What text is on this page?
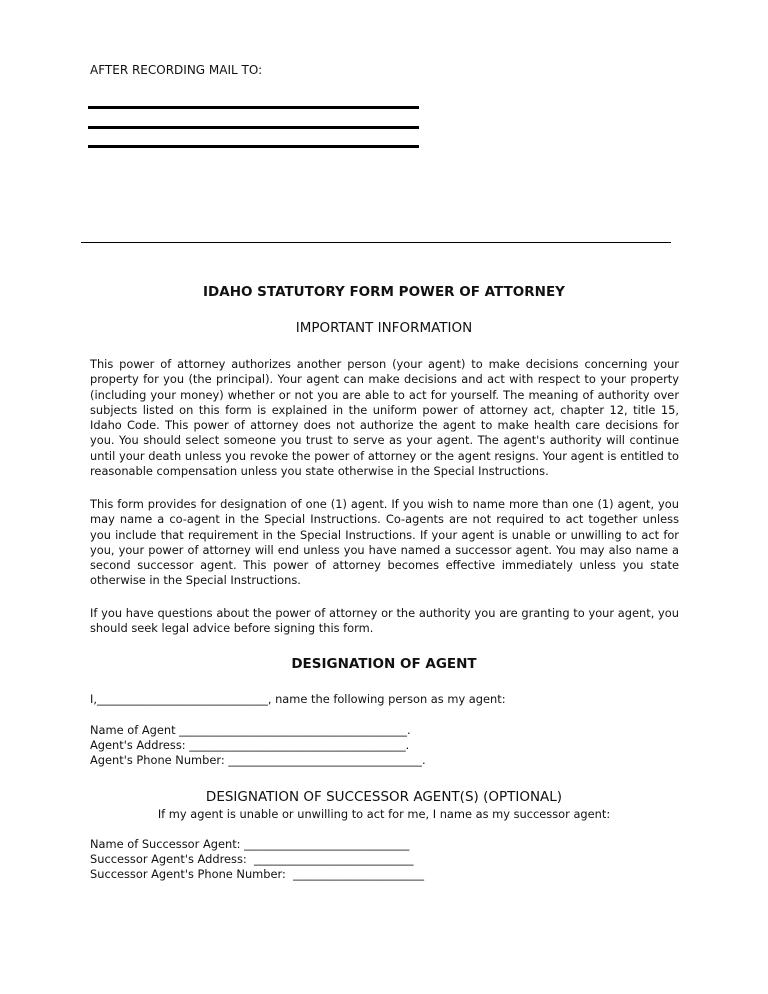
AFTER RECORDING MAIL TO:
IDAHO STATUTORY FORM POWER OF ATTORNEY
IMPORTANT INFORMATION
This power of attorney authorizes another person (your agent) to make decisions concerning your property for you (the principal). Your agent can make decisions and act with respect to your property (including your money) whether or not you are able to act for yourself. The meaning of authority over subjects listed on this form is explained in the uniform power of attorney act, chapter 12, title 15, Idaho Code. This power of attorney does not authorize the agent to make health care decisions for you. You should select someone you trust to serve as your agent. The agent's authority will continue until your death unless you revoke the power of attorney or the agent resigns. Your agent is entitled to reasonable compensation unless you state otherwise in the Special Instructions.
This form provides for designation of one (1) agent. If you wish to name more than one (1) agent, you may name a co-agent in the Special Instructions. Co-agents are not required to act together unless you include that requirement in the Special Instructions. If your agent is unable or unwilling to act for you, your power of attorney will end unless you have named a successor agent. You may also name a second successor agent. This power of attorney becomes effective immediately unless you state otherwise in the Special Instructions.
If you have questions about the power of attorney or the authority you are granting to your agent, you should seek legal advice before signing this form.
DESIGNATION OF AGENT
I,______________________________, name the following person as my agent:
Name of Agent ________________________________________.
Agent's Address: ______________________________________.
Agent's Phone Number: __________________________________.
DESIGNATION OF SUCCESSOR AGENT(S) (OPTIONAL)
If my agent is unable or unwilling to act for me, I name as my successor agent:
Name of Successor Agent: _____________________________
Successor Agent's Address:  ____________________________
Successor Agent's Phone Number:  _______________________
